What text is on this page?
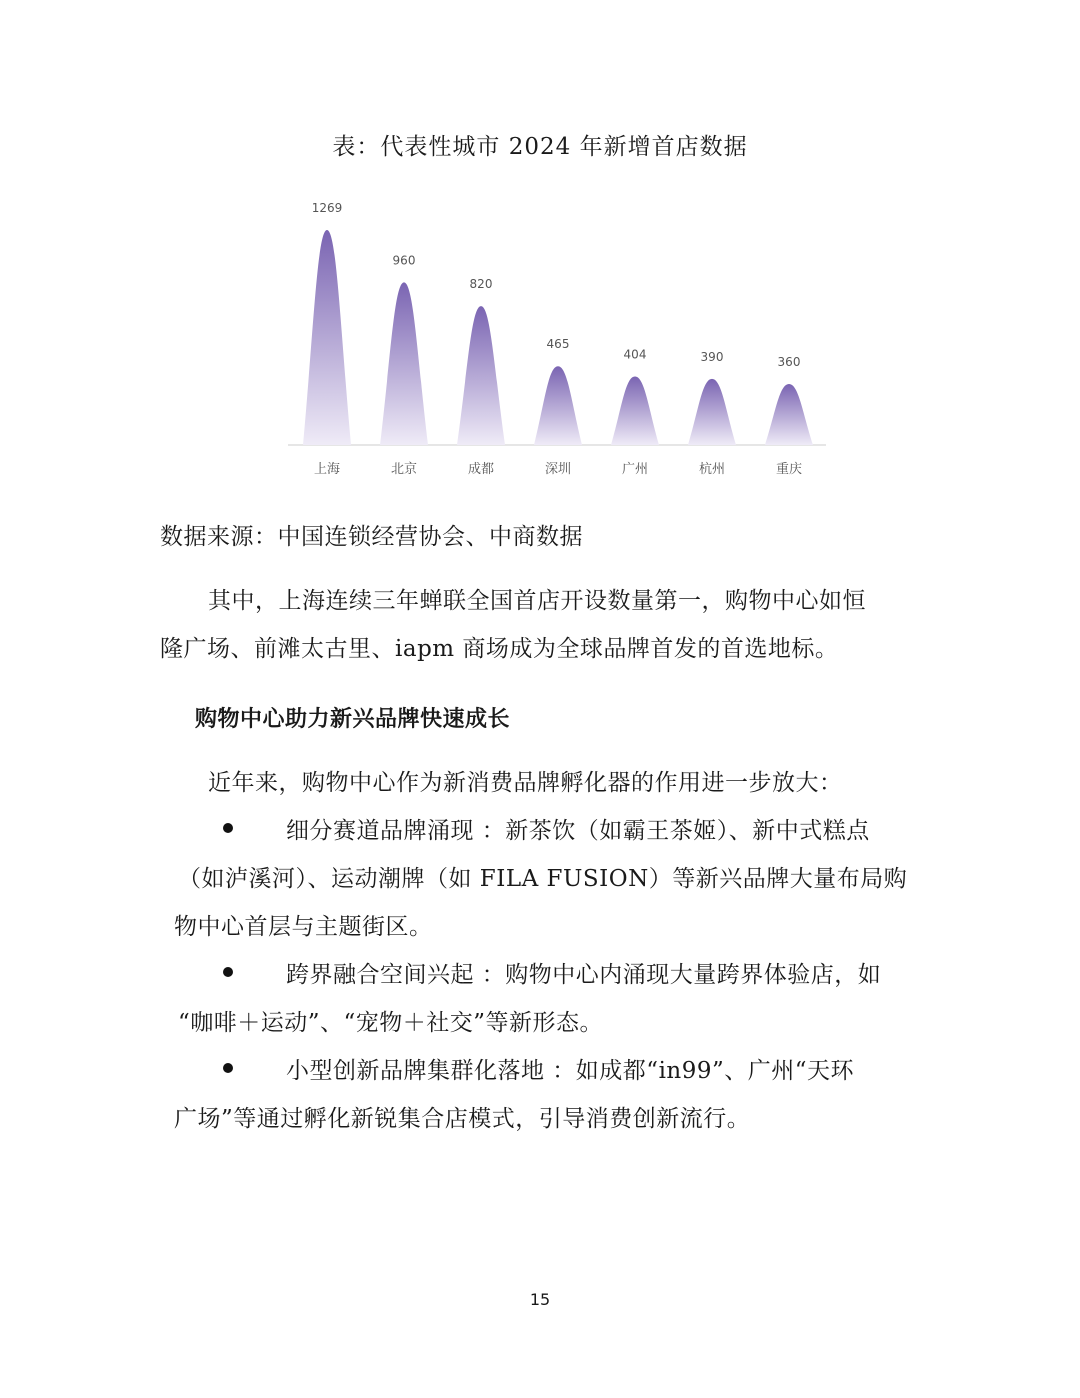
表：代表性城市 2024 年新增首店数据
1269
上海
960
北京
820
成都
465
深圳
404
广州
390
杭州
360
重庆
数据来源：中国连锁经营协会、中商数据
其中，上海连续三年蝉联全国首店开设数量第一，购物中心如恒
隆广场、前滩太古里、iapm 商场成为全球品牌首发的首选地标。
购物中心助力新兴品牌快速成长
近年来，购物中心作为新消费品牌孵化器的作用进一步放大：
细分赛道品牌涌现 ：新茶饮（如霸王茶姬）、新中式糕点
（如泸溪河）、运动潮牌（如 FILA FUSION）等新兴品牌大量布局购
物中心首层与主题街区。
跨界融合空间兴起 ：购物中心内涌现大量跨界体验店，如
“咖啡＋运动”、“宠物＋社交”等新形态。
小型创新品牌集群化落地 ：如成都“in99”、广州“天环
广场”等通过孵化新锐集合店模式，引导消费创新流行。
15
